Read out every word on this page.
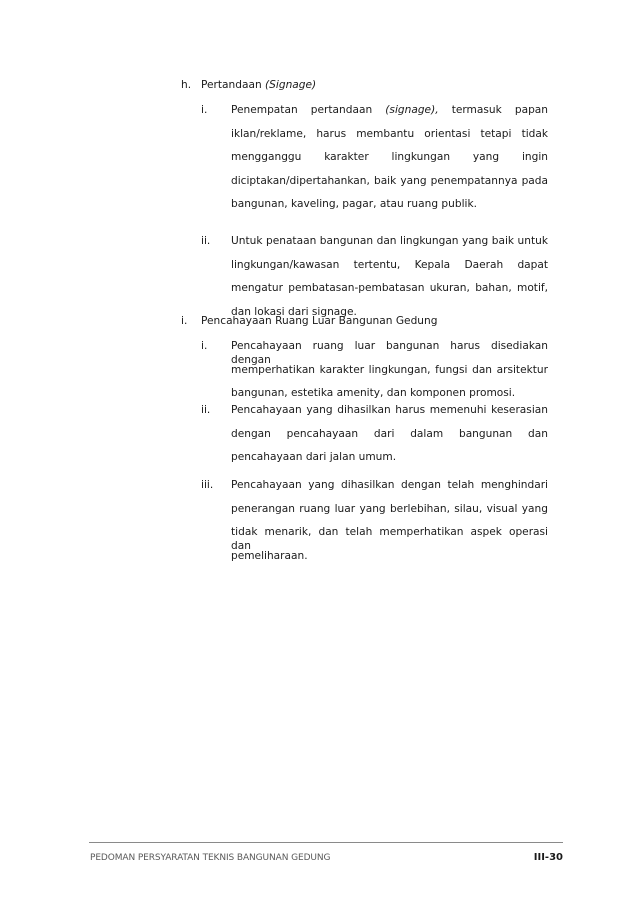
h. Pertandaan (Signage)
i. Penempatan pertandaan (signage), termasuk papan
iklan/reklame, harus membantu orientasi tetapi tidak
mengganggu karakter lingkungan yang ingin
diciptakan/dipertahankan, baik yang penempatannya pada
bangunan, kaveling, pagar, atau ruang publik.
ii. Untuk penataan bangunan dan lingkungan yang baik untuk
lingkungan/kawasan tertentu, Kepala Daerah dapat
mengatur pembatasan-pembatasan ukuran, bahan, motif,
dan lokasi dari signage.
i. Pencahayaan Ruang Luar Bangunan Gedung
i. Pencahayaan ruang luar bangunan harus disediakan dengan
memperhatikan karakter lingkungan, fungsi dan arsitektur
bangunan, estetika amenity, dan komponen promosi.
ii. Pencahayaan yang dihasilkan harus memenuhi keserasian
dengan pencahayaan dari dalam bangunan dan
pencahayaan dari jalan umum.
iii. Pencahayaan yang dihasilkan dengan telah menghindari
penerangan ruang luar yang berlebihan, silau, visual yang
tidak menarik, dan telah memperhatikan aspek operasi dan
pemeliharaan.
PEDOMAN PERSYARATAN TEKNIS BANGUNAN GEDUNG	III-30
